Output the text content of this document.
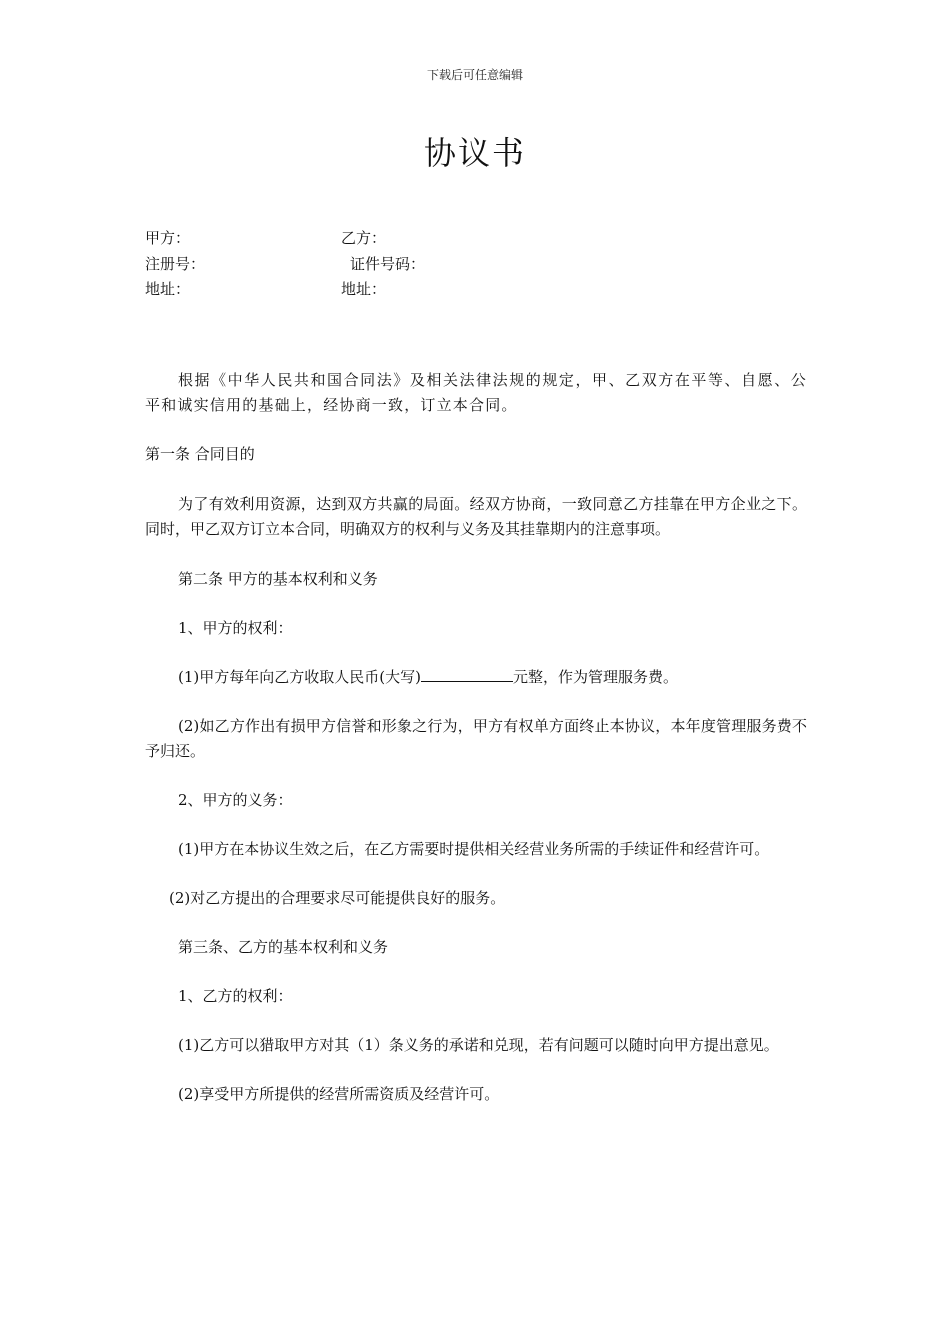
下载后可任意编辑
协议书
甲方：	乙方：
注册号：	证件号码：
地址：	地址：

根据《中华人民共和国合同法》及相关法律法规的规定，甲、乙双方在平等、自愿、公平和诚实信用的基础上，经协商一致，订立本合同。

第一条 合同目的

为了有效利用资源，达到双方共赢的局面。经双方协商，一致同意乙方挂靠在甲方企业之下。同时，甲乙双方订立本合同，明确双方的权利与义务及其挂靠期内的注意事项。

第二条 甲方的基本权利和义务

1、甲方的权利：

(1)甲方每年向乙方收取人民币(大写)	元整，作为管理服务费。

(2)如乙方作出有损甲方信誉和形象之行为，甲方有权单方面终止本协议，本年度管理服务费不予归还。

2、甲方的义务：

(1)甲方在本协议生效之后，在乙方需要时提供相关经营业务所需的手续证件和经营许可。

(2)对乙方提出的合理要求尽可能提供良好的服务。

第三条、乙方的基本权利和义务

1、乙方的权利：

(1)乙方可以猎取甲方对其（1）条义务的承诺和兑现，若有问题可以随时向甲方提出意见。

(2)享受甲方所提供的经营所需资质及经营许可。
